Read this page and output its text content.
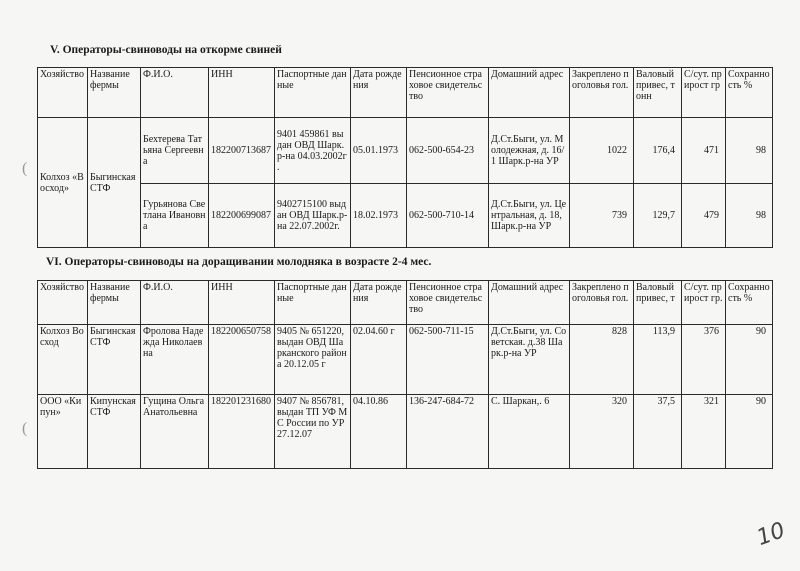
V. Операторы-свиноводы на откорме свиней
Хозяйство	Название фермы	Ф.И.О.	ИНН	Паспортные данные	Дата рождения	Пенсионное страховое свидетельство	Домашний адрес	Закреплено поголовья гол.	Валовый привес, тонн	С/сут. прирост гр	Сохранность %
Колхоз «Восход»	Быгинская СТФ	Бехтерева Татьяна Сергеевна	182200713687	9401 459861 выдан ОВД Шарк.р-на 04.03.2002г .	05.01.1973	062-500-654-23	Д.Ст.Быги, ул. Молодежная, д. 16/1 Шарк.р-на УР	1022	176,4	471	98
		Гурьянова Светлана Ивановна	182200699087	9402715100 выдан ОВД Шарк.р-на 22.07.2002г.	18.02.1973	062-500-710-14	Д.Ст.Быги, ул. Центральная, д. 18, Шарк.р-на УР	739	129,7	479	98
VI. Операторы-свиноводы на доращивании молодняка в возрасте 2-4 мес.
Хозяйство	Название фермы	Ф.И.О.	ИНН	Паспортные данные	Дата рождения	Пенсионное страховое свидетельство	Домашний адрес	Закреплено поголовья гол.	Валовый привес, т	С/сут. прирост гр.	Сохранность %
Колхоз Восход	Быгинская СТФ	Фролова Надежда Николаевна	182200650758	9405 № 651220, выдан ОВД Шарканского района 20.12.05 г	02.04.60 г	062-500-711-15	Д.Ст.Быги, ул. Советская. д.38 Шарк.р-на УР	828	113,9	376	90
ООО «Кипун»	Кипунская СТФ	Гущина Ольга Анатольевна	182201231680	9407 № 856781, выдан ТП УФ МС России по УР 27.12.07	04.10.86	136-247-684-72	С. Шаркан,. 6	320	37,5	321	90
(
(
10
